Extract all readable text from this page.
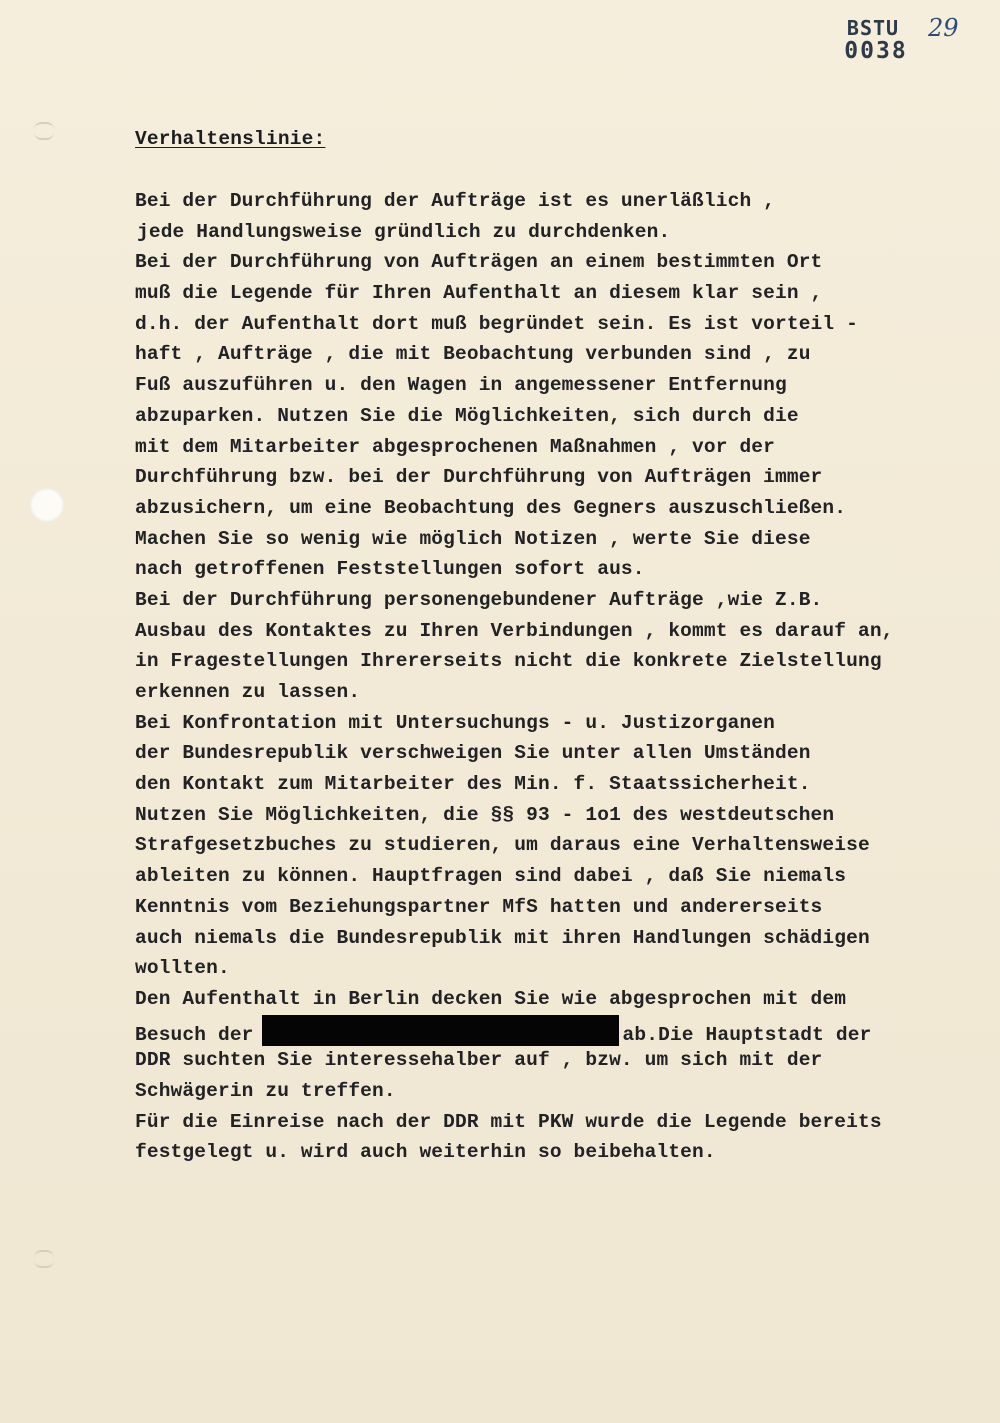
BSTU
0038
29
Verhaltenslinie:
Bei der Durchführung der Aufträge ist es unerläßlich ,
jede Handlungsweise gründlich zu durchdenken.
Bei der Durchführung von Aufträgen an einem bestimmten Ort
muß die Legende für Ihren Aufenthalt an diesem klar sein ,
d.h. der Aufenthalt dort muß begründet sein. Es ist vorteil -
haft , Aufträge , die mit Beobachtung verbunden sind , zu
Fuß auszuführen u. den Wagen in angemessener Entfernung
abzuparken. Nutzen Sie die Möglichkeiten, sich durch die
mit dem Mitarbeiter abgesprochenen Maßnahmen , vor der
Durchführung bzw. bei der Durchführung von Aufträgen immer
abzusichern, um eine Beobachtung des Gegners auszuschließen.
Machen Sie so wenig wie möglich Notizen , werte Sie diese
nach getroffenen Feststellungen sofort aus.
Bei der Durchführung personengebundener Aufträge ,wie Z.B.
Ausbau des Kontaktes zu Ihren Verbindungen , kommt es darauf an,
in Fragestellungen Ihrererseits nicht die konkrete Zielstellung
erkennen zu lassen.
Bei Konfrontation mit Untersuchungs - u. Justizorganen
der Bundesrepublik verschweigen Sie unter allen Umständen
den Kontakt zum Mitarbeiter des Min. f. Staatssicherheit.
Nutzen Sie Möglichkeiten, die §§ 93 - 1o1 des westdeutschen
Strafgesetzbuches zu studieren, um daraus eine Verhaltensweise
ableiten zu können. Hauptfragen sind dabei , daß Sie niemals
Kenntnis vom Beziehungspartner MfS hatten und andererseits
auch niemals die Bundesrepublik mit ihren Handlungen schädigen
wollten.
Den Aufenthalt in Berlin decken Sie wie abgesprochen mit dem
Besuch der	ab.Die Hauptstadt der
DDR suchten Sie interessehalber auf , bzw. um sich mit der
Schwägerin zu treffen.
Für die Einreise nach der DDR mit PKW wurde die Legende bereits
festgelegt u. wird auch weiterhin so beibehalten.
